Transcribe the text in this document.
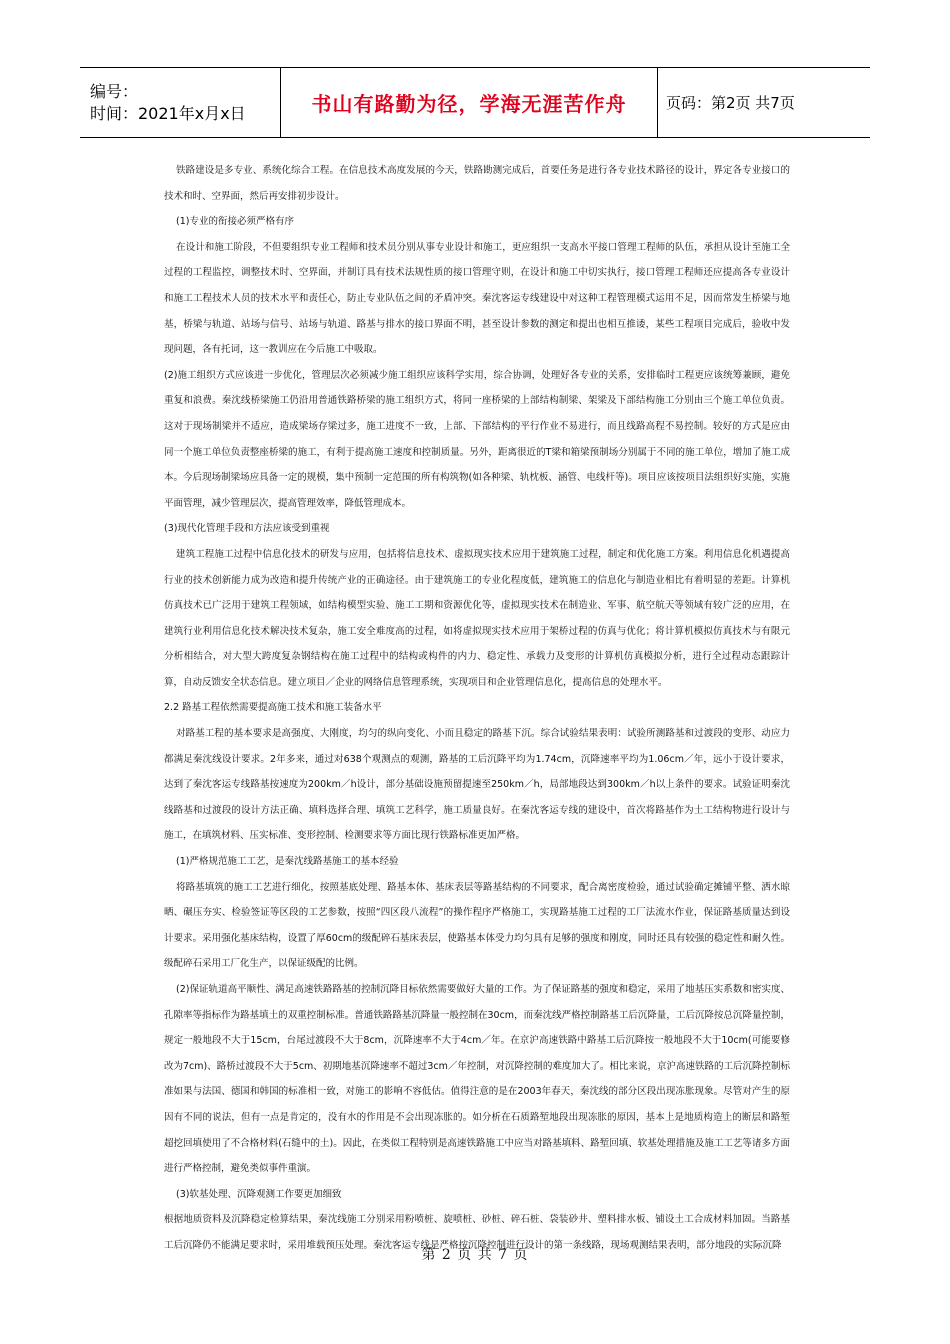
编号：
时间：2021年x月x日	书山有路勤为径，学海无涯苦作舟	页码：第2页 共7页

铁路建设是多专业、系统化综合工程。在信息技术高度发展的今天，铁路勘测完成后，首要任务是进行各专业技术路径的设计，界定各专业接口的技术和时、空界面，然后再安排初步设计。

(1)专业的衔接必须严格有序

在设计和施工阶段，不但要组织专业工程师和技术员分别从事专业设计和施工，更应组织一支高水平接口管理工程师的队伍，承担从设计至施工全过程的工程监控，调整技术时、空界面，并制订具有技术法规性质的接口管理守则，在设计和施工中切实执行，接口管理工程师还应提高各专业设计和施工工程技术人员的技术水平和责任心，防止专业队伍之间的矛盾冲突。秦沈客运专线建设中对这种工程管理模式运用不足，因而常发生桥梁与地基，桥梁与轨道、站场与信号、站场与轨道、路基与排水的接口界面不明，甚至设计参数的测定和提出也相互推诿，某些工程项目完成后，验收中发现问题，各有托词，这一教训应在今后施工中吸取。

(2)施工组织方式应该进一步优化，管理层次必须减少施工组织应该科学实用，综合协调，处理好各专业的关系，安排临时工程更应该统筹兼顾，避免重复和浪费。秦沈线桥梁施工仍沿用普通铁路桥梁的施工组织方式，将同一座桥梁的上部结构制梁、架梁及下部结构施工分别由三个施工单位负责。这对于现场制梁并不适应，造成梁场存梁过多，施工进度不一致，上部、下部结构的平行作业不易进行，而且线路高程不易控制。较好的方式是应由同一个施工单位负责整座桥梁的施工，有利于提高施工速度和控制质量。另外，距离很近的T梁和箱梁预制场分别属于不同的施工单位，增加了施工成本。今后现场制梁场应具备一定的规模，集中预制一定范围的所有构筑物(如各种梁、轨枕板、涵管、电线杆等)。项目应该按项目法组织好实施，实施平面管理，减少管理层次，提高管理效率，降低管理成本。

(3)现代化管理手段和方法应该受到重视

建筑工程施工过程中信息化技术的研发与应用，包括将信息技术、虚拟现实技术应用于建筑施工过程，制定和优化施工方案。利用信息化机遇提高行业的技术创新能力成为改造和提升传统产业的正确途径。由于建筑施工的专业化程度低，建筑施工的信息化与制造业相比有着明显的差距。计算机仿真技术已广泛用于建筑工程领域，如结构模型实验、施工工期和资源优化等，虚拟现实技术在制造业、军事、航空航天等领域有较广泛的应用，在建筑行业利用信息化技术解决技术复杂，施工安全难度高的过程，如将虚拟现实技术应用于架桥过程的仿真与优化；将计算机模拟仿真技术与有限元分析相结合，对大型大跨度复杂钢结构在施工过程中的结构或构件的内力、稳定性、承载力及变形的计算机仿真模拟分析，进行全过程动态跟踪计算，自动反馈安全状态信息。建立项目／企业的网络信息管理系统，实现项目和企业管理信息化，提高信息的处理水平。

2.2 路基工程依然需要提高施工技术和施工装备水平

对路基工程的基本要求是高强度、大刚度，均匀的纵向变化、小而且稳定的路基下沉。综合试验结果表明：试验所测路基和过渡段的变形、动应力都满足秦沈线设计要求。2年多来，通过对638个观测点的观测，路基的工后沉降平均为1.74cm，沉降速率平均为1.06cm／年，远小于设计要求，达到了秦沈客运专线路基按速度为200km／h设计，部分基础设施预留提速至250km／h，局部地段达到300km／h以上条件的要求。试验证明秦沈线路基和过渡段的设计方法正确、填料选择合理、填筑工艺科学，施工质量良好。在秦沈客运专线的建设中，首次将路基作为土工结构物进行设计与施工，在填筑材料、压实标准、变形控制、检测要求等方面比现行铁路标准更加严格。

(1)严格规范施工工艺，是秦沈线路基施工的基本经验

将路基填筑的施工工艺进行细化，按照基底处理、路基本体、基床表层等路基结构的不同要求，配合离密度检验，通过试验确定摊铺平整、洒水晾晒、碾压夯实、检验签证等区段的工艺参数，按照“四区段八流程”的操作程序严格施工，实现路基施工过程的工厂法流水作业，保证路基质量达到设计要求。采用强化基床结构，设置了厚60cm的级配碎石基床表层，使路基本体受力均匀具有足够的强度和刚度，同时还具有较强的稳定性和耐久性。级配碎石采用工厂化生产，以保证级配的比例。

(2)保证轨道高平顺性、满足高速铁路路基的控制沉降目标依然需要做好大量的工作。为了保证路基的强度和稳定，采用了地基压实系数和密实度、孔隙率等指标作为路基填土的双重控制标准。普通铁路路基沉降量一般控制在30cm，而秦沈线严格控制路基工后沉降量，工后沉降按总沉降量控制，规定一般地段不大于15cm，台尾过渡段不大于8cm，沉降速率不大于4cm／年。在京沪高速铁路中路基工后沉降按一般地段不大于10cm(可能要修改为7cm)、路桥过渡段不大于5cm、初期地基沉降速率不超过3cm／年控制，对沉降控制的难度加大了。相比来说，京沪高速铁路的工后沉降控制标准如果与法国、德国和韩国的标准相一致，对施工的影响不容低估。值得注意的是在2003年春天，秦沈线的部分区段出现冻胀现象。尽管对产生的原因有不同的说法，但有一点是肯定的，没有水的作用是不会出现冻胀的。如分析在石质路堑地段出现冻胀的原因，基本上是地质构造上的断层和路堑超挖回填使用了不合格材料(石缝中的土)。因此，在类似工程特别是高速铁路施工中应当对路基填料、路堑回填、软基处理措施及施工工艺等诸多方面进行严格控制，避免类似事件重演。

(3)软基处理、沉降观测工作要更加细致

根据地质资料及沉降稳定检算结果，秦沈线施工分别采用粉喷桩、旋喷桩、砂桩、碎石桩、袋装砂井、塑料排水板、铺设土工合成材料加固。当路基工后沉降仍不能满足要求时，采用堆载预压处理。秦沈客运专线是严格按沉降控制进行设计的第一条线路，现场观测结果表明，部分地段的实际沉降

第 2 页 共 7 页
